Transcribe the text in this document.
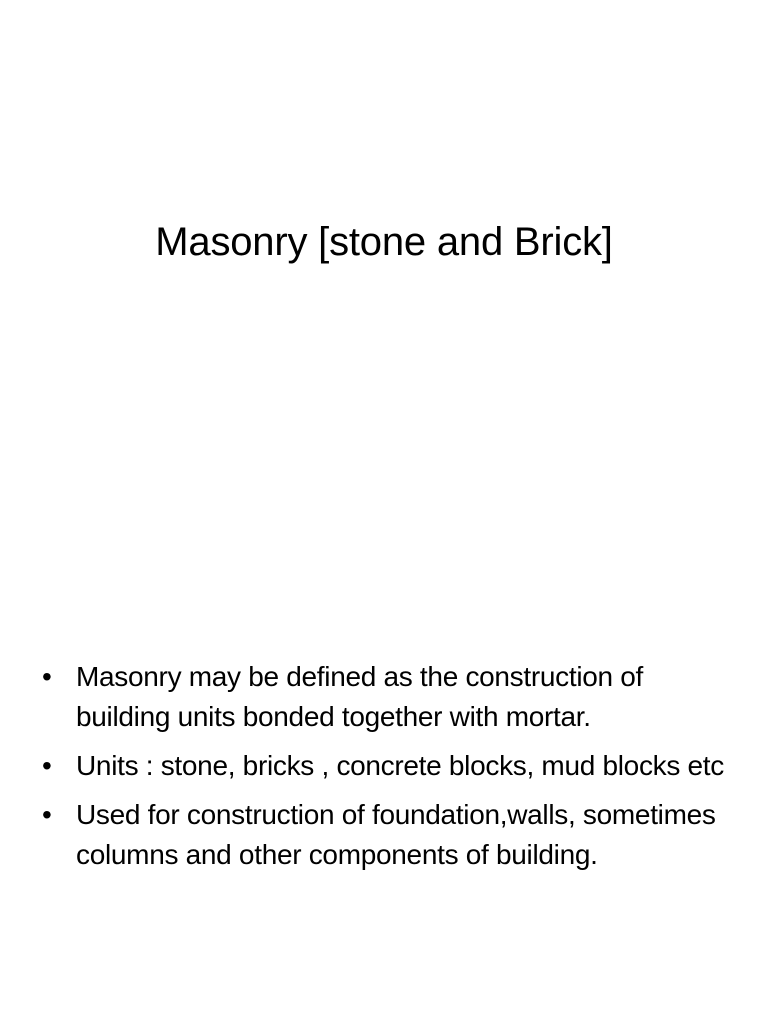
Masonry [stone and Brick]
• Masonry may be defined as the construction of building units bonded together with mortar.
• Units : stone, bricks , concrete blocks, mud blocks etc
• Used for construction of foundation,walls, sometimes columns and other components of building.
